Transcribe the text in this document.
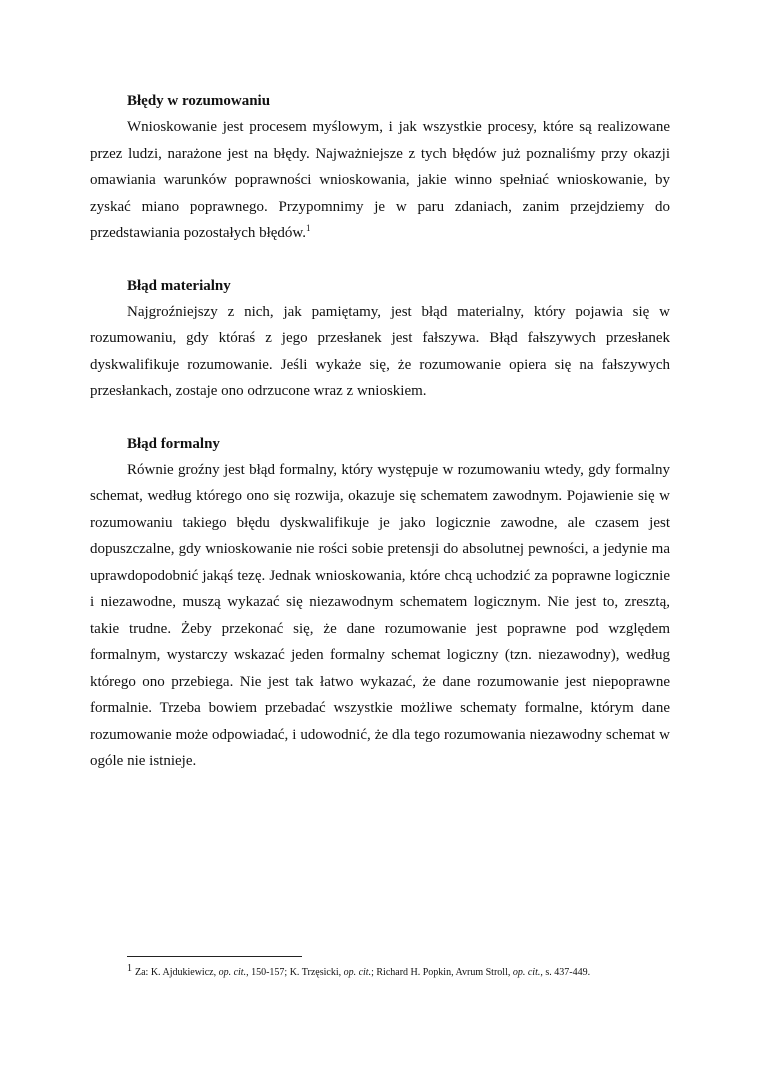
Błędy w rozumowaniu

Wnioskowanie jest procesem myślowym, i jak wszystkie procesy, które są realizowane przez ludzi, narażone jest na błędy. Najważniejsze z tych błędów już poznaliśmy przy okazji omawiania warunków poprawności wnioskowania, jakie winno spełniać wnioskowanie, by zyskać miano poprawnego. Przypomnimy je w paru zdaniach, zanim przejdziemy do przedstawiania pozostałych błędów.$^1$

Błąd materialny

Najgroźniejszy z nich, jak pamiętamy, jest błąd materialny, który pojawia się w rozumowaniu, gdy któraś z jego przesłanek jest fałszywa. Błąd fałszywych przesłanek dyskwalifikuje rozumowanie. Jeśli wykaże się, że rozumowanie opiera się na fałszywych przesłankach, zostaje ono odrzucone wraz z wnioskiem.

Błąd formalny

Równie groźny jest błąd formalny, który występuje w rozumowaniu wtedy, gdy formalny schemat, według którego ono się rozwija, okazuje się schematem zawodnym. Pojawienie się w rozumowaniu takiego błędu dyskwalifikuje je jako logicznie zawodne, ale czasem jest dopuszczalne, gdy wnioskowanie nie rości sobie pretensji do absolutnej pewności, a jedynie ma uprawdopodobnić jakąś tezę. Jednak wnioskowania, które chcą uchodzić za poprawne logicznie i niezawodne, muszą wykazać się niezawodnym schematem logicznym. Nie jest to, zresztą, takie trudne. Żeby przekonać się, że dane rozumowanie jest poprawne pod względem formalnym, wystarczy wskazać jeden formalny schemat logiczny (tzn. niezawodny), według którego ono przebiega. Nie jest tak łatwo wykazać, że dane rozumowanie jest niepoprawne formalnie. Trzeba bowiem przebadać wszystkie możliwe schematy formalne, którym dane rozumowanie może odpowiadać, i udowodnić, że dla tego rozumowania niezawodny schemat w ogóle nie istnieje.

1 Za: K. Ajdukiewicz, op. cit., 150-157; K. Trzęsicki, op. cit.; Richard H. Popkin, Avrum Stroll, op. cit., s. 437-449.
